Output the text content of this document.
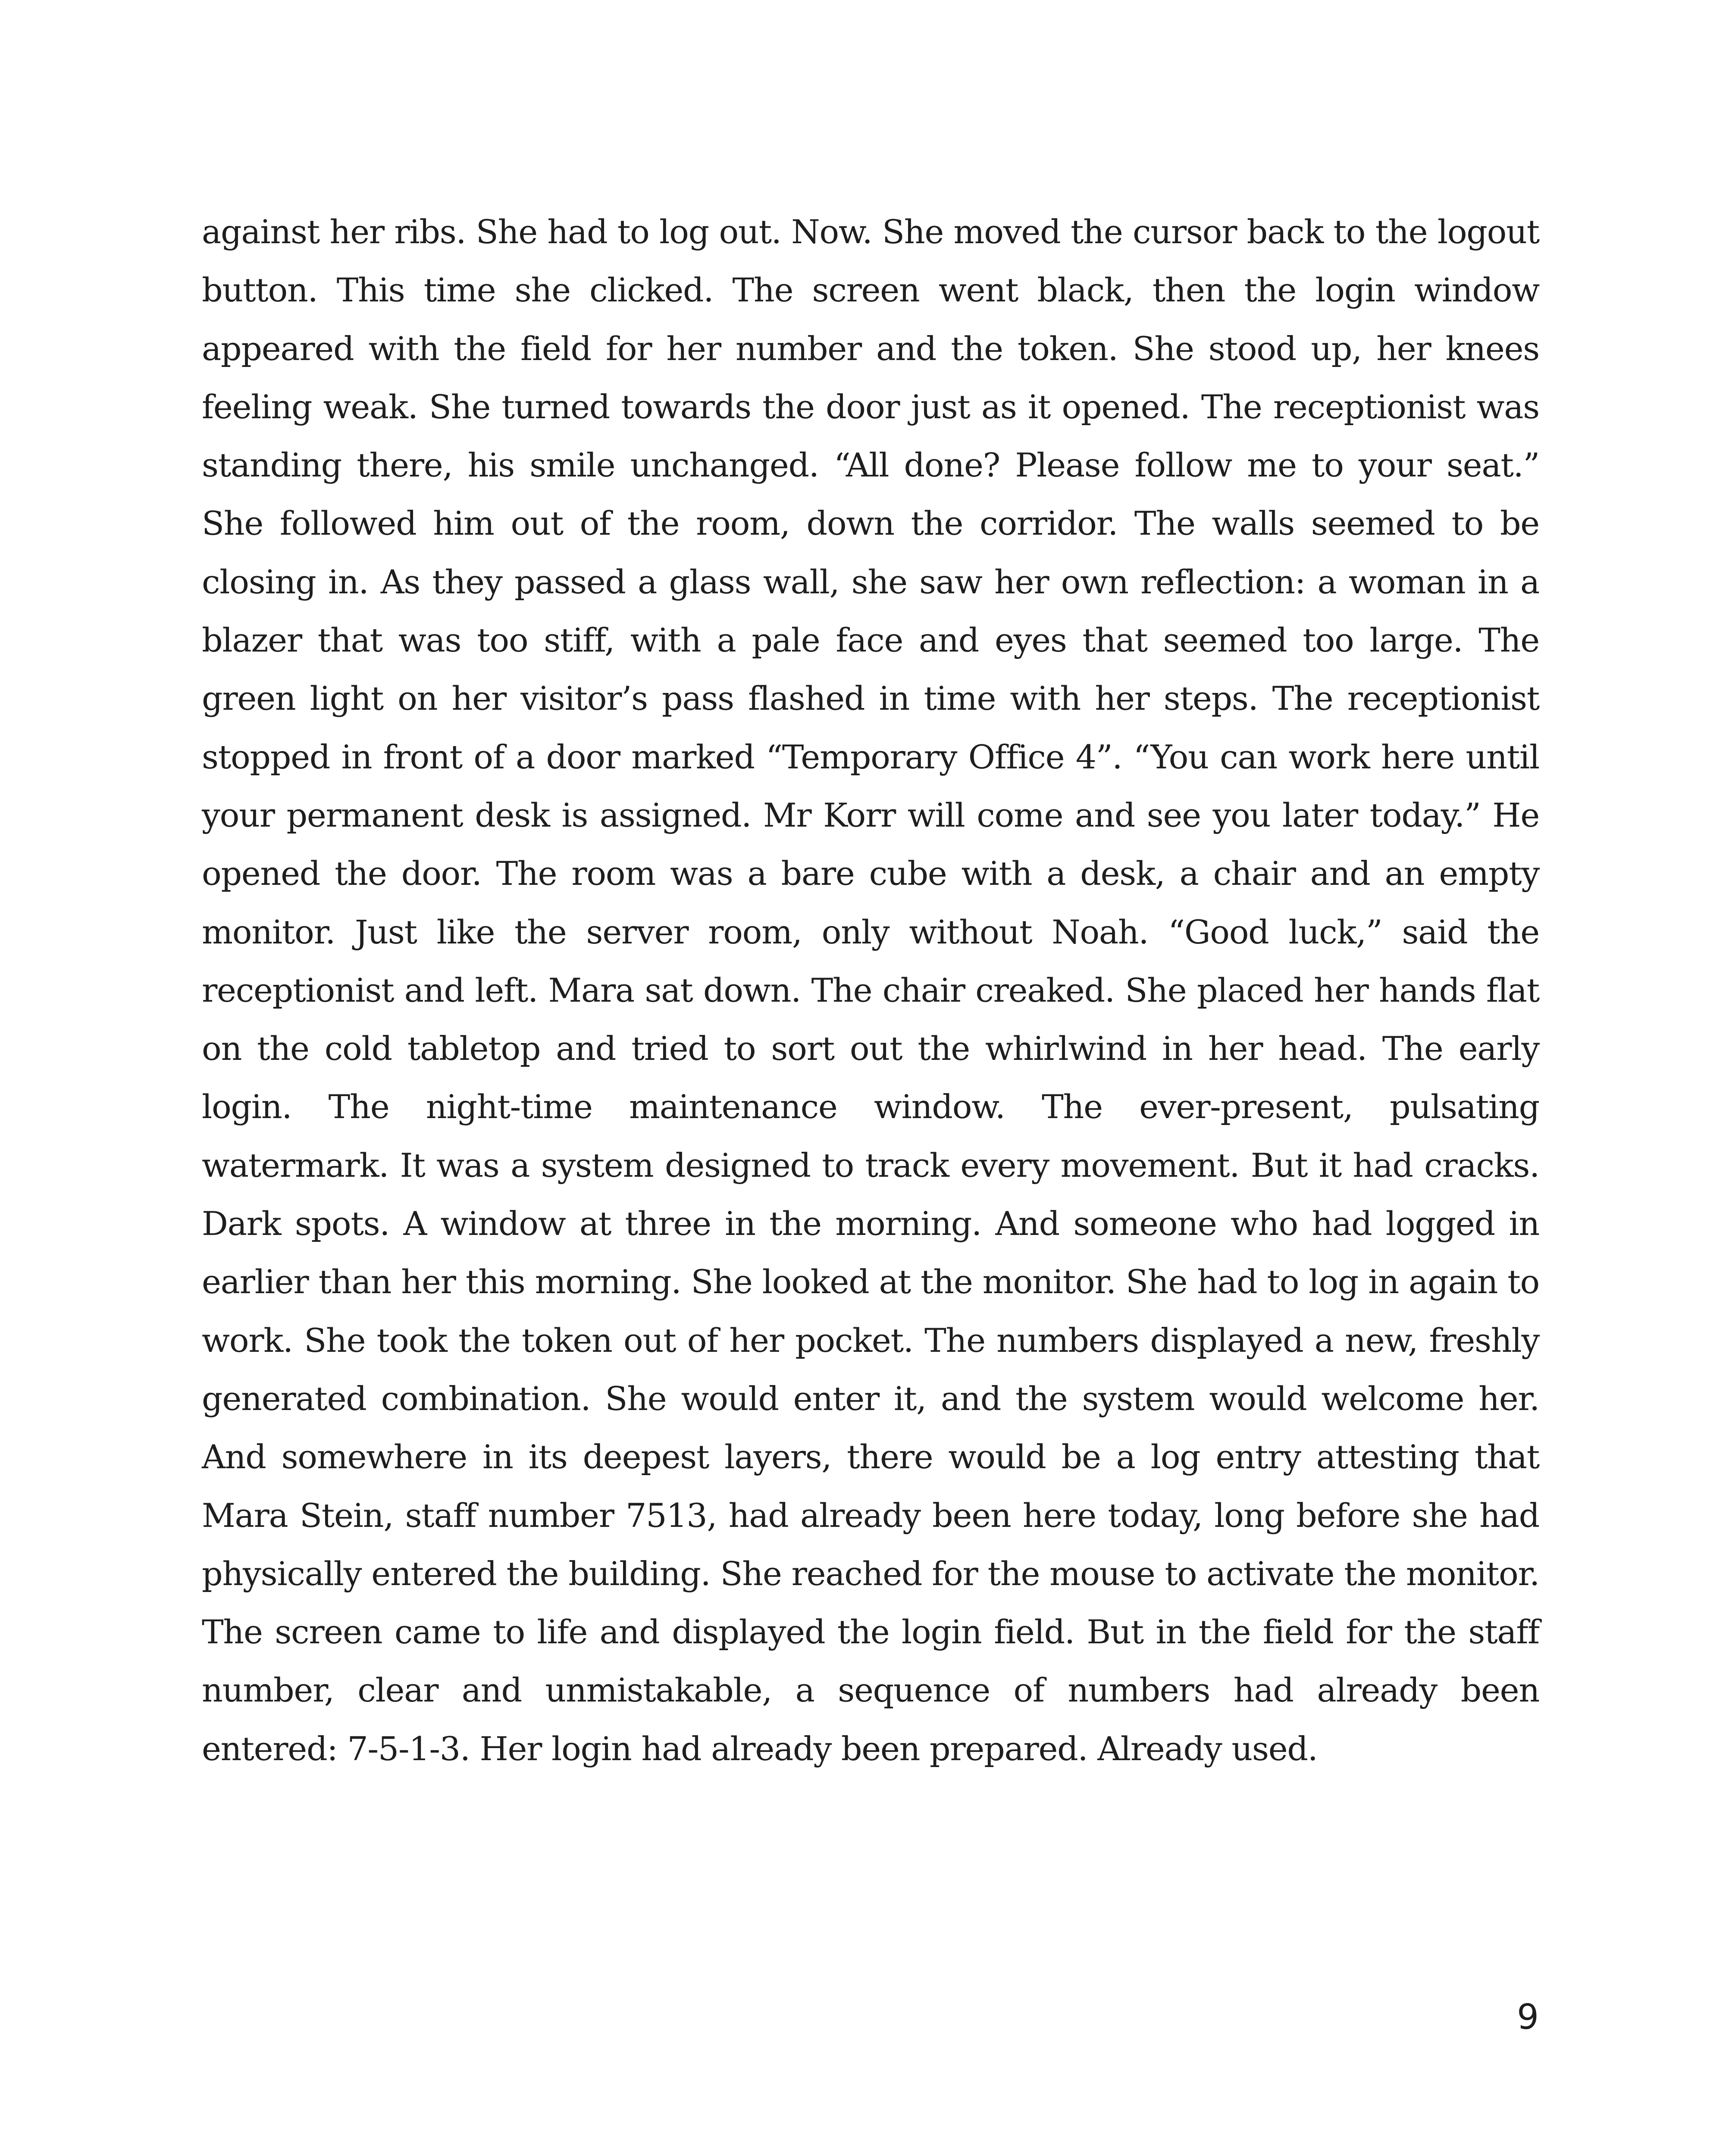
against her ribs. She had to log out. Now. She moved the cursor back to the logout button. This time she clicked. The screen went black, then the login window appeared with the field for her number and the token. She stood up, her knees feeling weak. She turned towards the door just as it opened. The receptionist was standing there, his smile unchanged. “All done? Please follow me to your seat.” She followed him out of the room, down the corridor. The walls seemed to be closing in. As they passed a glass wall, she saw her own reflection: a woman in a blazer that was too stiff, with a pale face and eyes that seemed too large. The green light on her visitor’s pass flashed in time with her steps. The receptionist stopped in front of a door marked “Temporary Office 4”. “You can work here until your permanent desk is assigned. Mr Korr will come and see you later today.” He opened the door. The room was a bare cube with a desk, a chair and an empty monitor. Just like the server room, only without Noah. “Good luck,” said the receptionist and left. Mara sat down. The chair creaked. She placed her hands flat on the cold tabletop and tried to sort out the whirlwind in her head. The early login. The night-time maintenance window. The ever-present, pulsating watermark. It was a system designed to track every movement. But it had cracks. Dark spots. A window at three in the morning. And someone who had logged in earlier than her this morning. She looked at the monitor. She had to log in again to work. She took the token out of her pocket. The numbers displayed a new, freshly generated combination. She would enter it, and the system would welcome her. And somewhere in its deepest layers, there would be a log entry attesting that Mara Stein, staff number 7513, had already been here today, long before she had physically entered the building. She reached for the mouse to activate the monitor. The screen came to life and displayed the login field. But in the field for the staff number, clear and unmistakable, a sequence of numbers had already been entered: 7-5-1-3. Her login had already been prepared. Already used.

9
